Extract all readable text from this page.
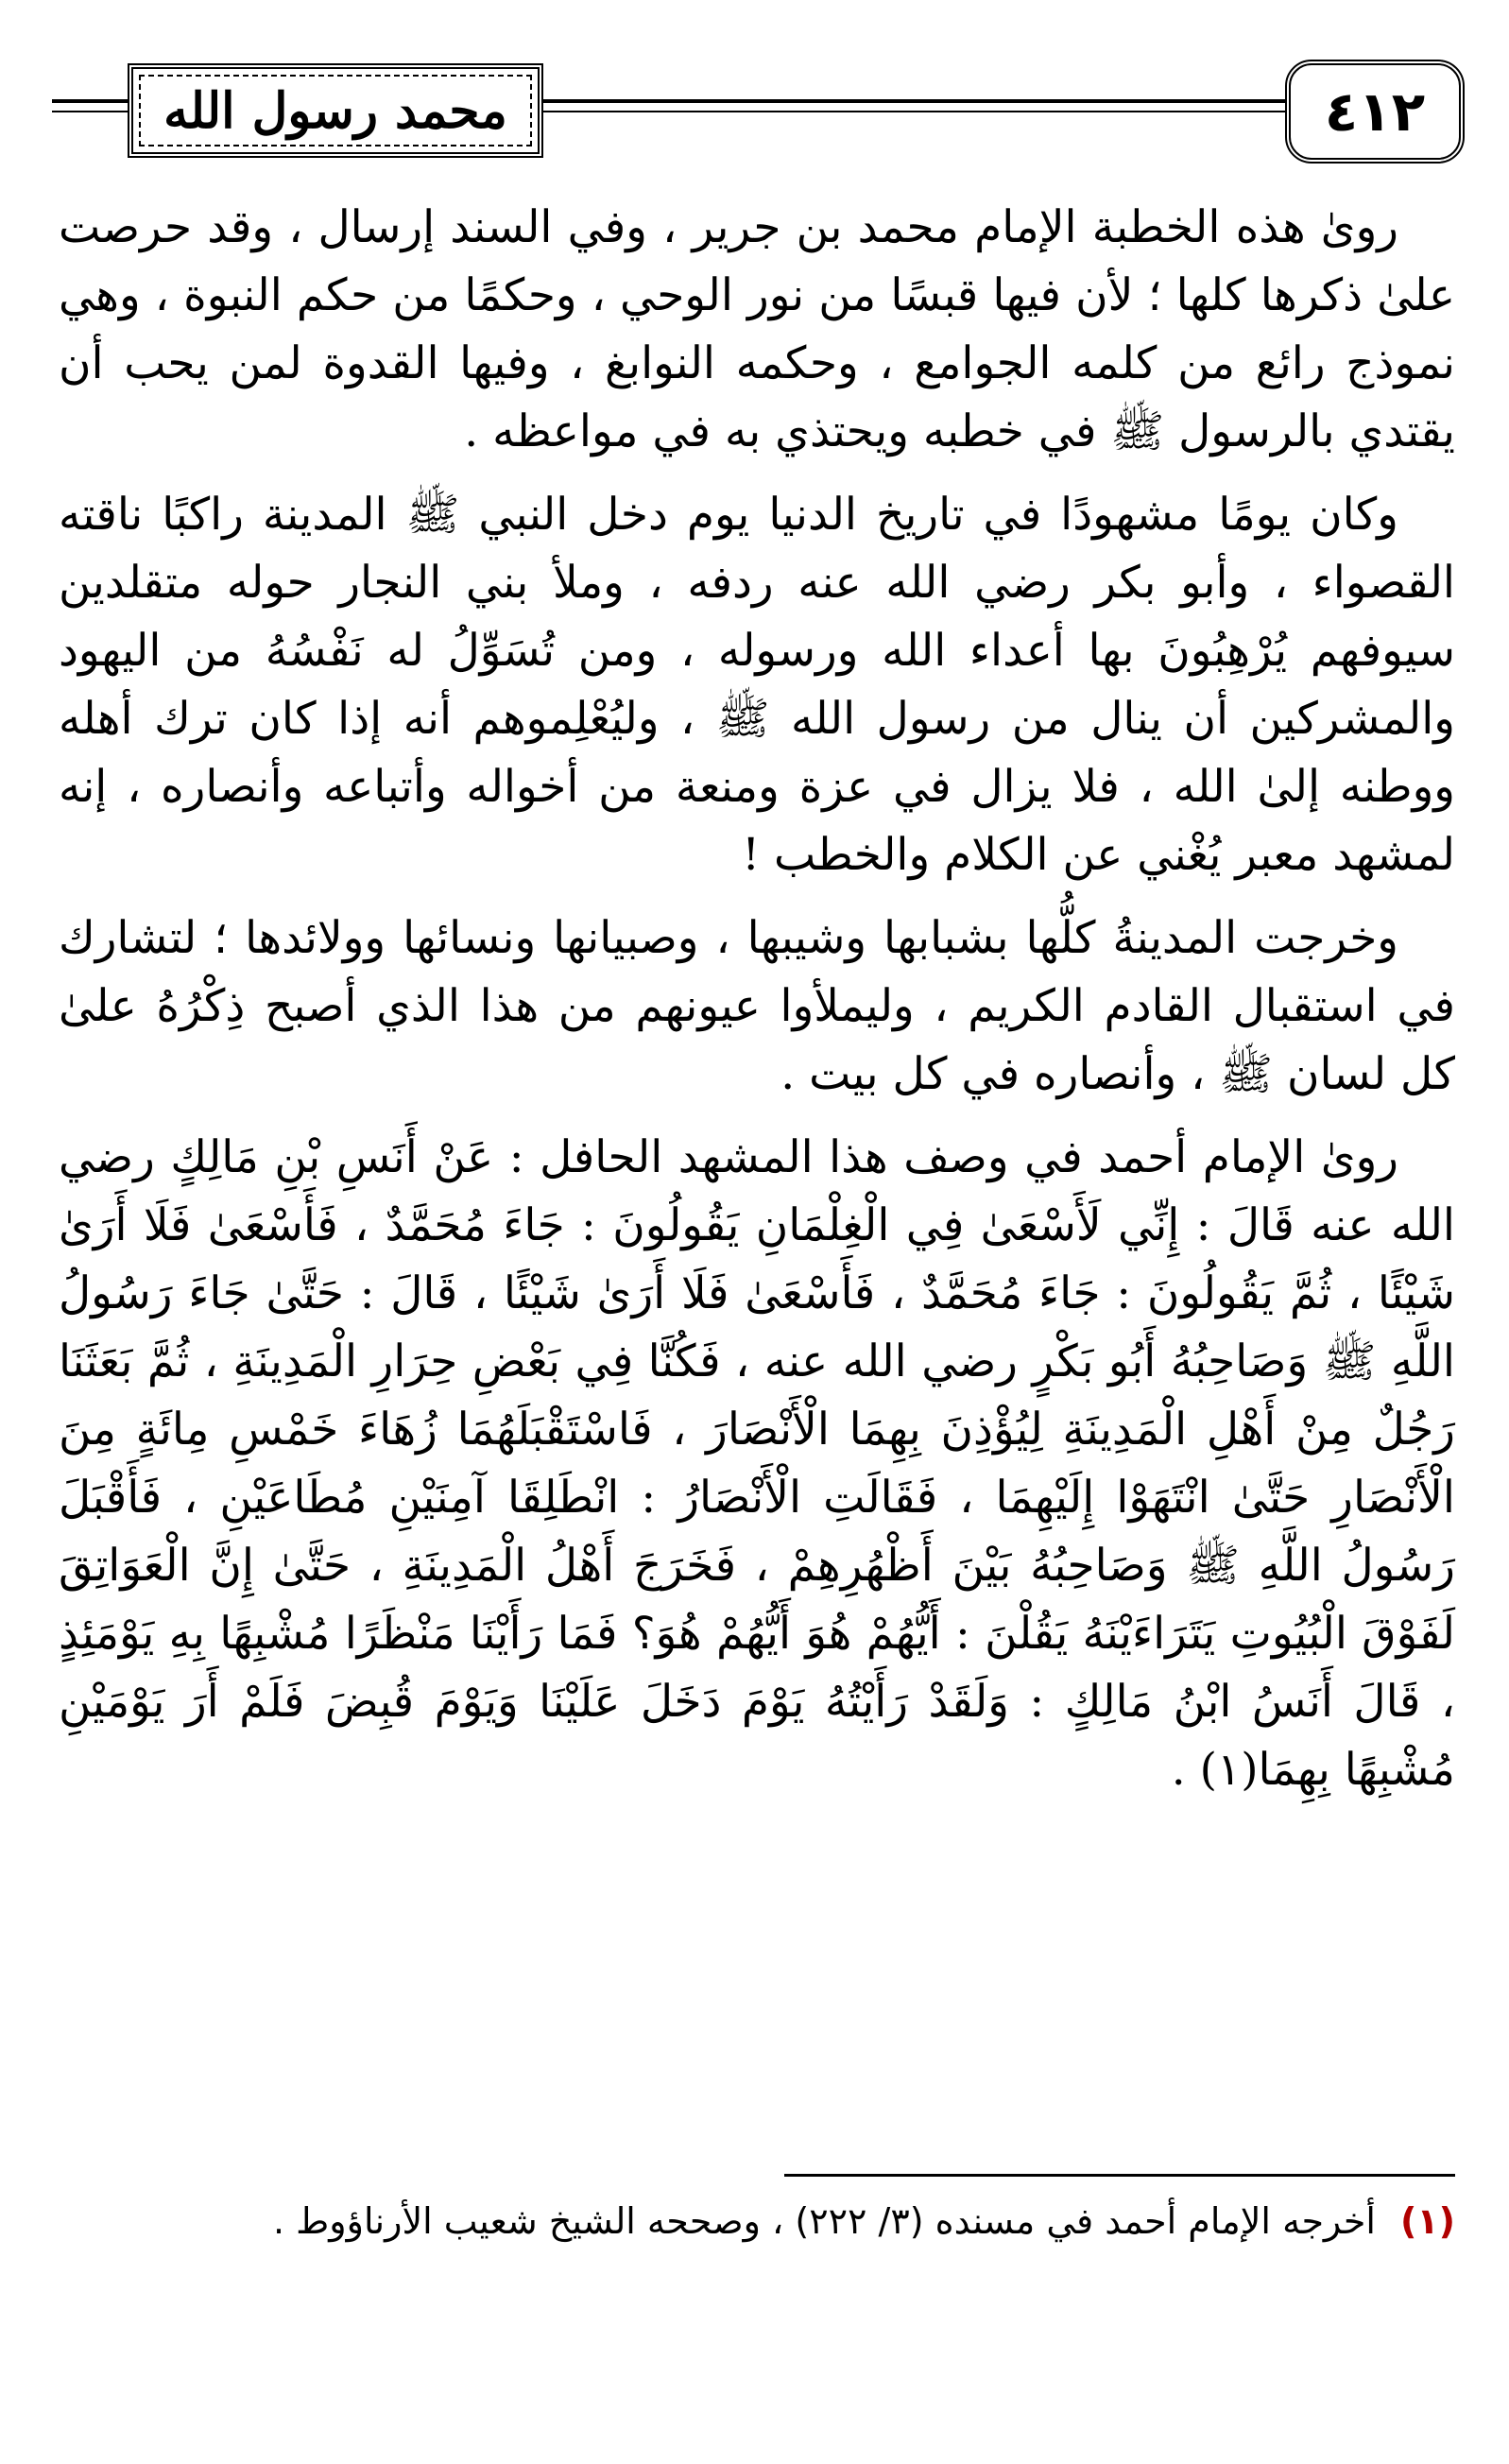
محمد رسول الله	٤١٢

روىٰ هذه الخطبة الإمام محمد بن جرير ، وفي السند إرسال ، وقد حرصت علىٰ ذكرها كلها ؛ لأن فيها قبسًا من نور الوحي ، وحكمًا من حكم النبوة ، وهي نموذج رائع من كلمه الجوامع ، وحكمه النوابغ ، وفيها القدوة لمن يحب أن يقتدي بالرسول ﷺ في خطبه ويحتذي به في مواعظه .

وكان يومًا مشهودًا في تاريخ الدنيا يوم دخل النبي ﷺ المدينة راكبًا ناقته القصواء ، وأبو بكر رضي الله عنه ردفه ، وملأ بني النجار حوله متقلدين سيوفهم يُرْهِبُونَ بها أعداء الله ورسوله ، ومن تُسَوِّلُ له نَفْسُهُ من اليهود والمشركين أن ينال من رسول الله ﷺ ، وليُعْلِموهم أنه إذا كان ترك أهله ووطنه إلىٰ الله ، فلا يزال في عزة ومنعة من أخواله وأتباعه وأنصاره ، إنه لمشهد معبر يُغْني عن الكلام والخطب !

وخرجت المدينةُ كلُّها بشبابها وشيبها ، وصبيانها ونسائها وولائدها ؛ لتشارك في استقبال القادم الكريم ، وليملأوا عيونهم من هذا الذي أصبح ذِكْرُهُ علىٰ كل لسان ﷺ ، وأنصاره في كل بيت .

روىٰ الإمام أحمد في وصف هذا المشهد الحافل : عَنْ أَنَسِ بْنِ مَالِكٍ رضي الله عنه قَالَ : إِنِّي لَأَسْعَىٰ فِي الْغِلْمَانِ يَقُولُونَ : جَاءَ مُحَمَّدٌ ، فَأَسْعَىٰ فَلَا أَرَىٰ شَيْئًا ، ثُمَّ يَقُولُونَ : جَاءَ مُحَمَّدٌ ، فَأَسْعَىٰ فَلَا أَرَىٰ شَيْئًا ، قَالَ : حَتَّىٰ جَاءَ رَسُولُ اللَّهِ ﷺ وَصَاحِبُهُ أَبُو بَكْرٍ رضي الله عنه ، فَكُنَّا فِي بَعْضِ حِرَارِ الْمَدِينَةِ ، ثُمَّ بَعَثَنَا رَجُلٌ مِنْ أَهْلِ الْمَدِينَةِ لِيُؤْذِنَ بِهِمَا الْأَنْصَارَ ، فَاسْتَقْبَلَهُمَا زُهَاءَ خَمْسِ مِائَةٍ مِنَ الْأَنْصَارِ حَتَّىٰ انْتَهَوْا إِلَيْهِمَا ، فَقَالَتِ الْأَنْصَارُ : انْطَلِقَا آمِنَيْنِ مُطَاعَيْنِ ، فَأَقْبَلَ رَسُولُ اللَّهِ ﷺ وَصَاحِبُهُ بَيْنَ أَظْهُرِهِمْ ، فَخَرَجَ أَهْلُ الْمَدِينَةِ ، حَتَّىٰ إِنَّ الْعَوَاتِقَ لَفَوْقَ الْبُيُوتِ يَتَرَاءَيْنَهُ يَقُلْنَ : أَيُّهُمْ هُوَ أَيُّهُمْ هُوَ؟ فَمَا رَأَيْنَا مَنْظَرًا مُشْبِهًا بِهِ يَوْمَئِذٍ ، قَالَ أَنَسُ ابْنُ مَالِكٍ : وَلَقَدْ رَأَيْتُهُ يَوْمَ دَخَلَ عَلَيْنَا وَيَوْمَ قُبِضَ فَلَمْ أَرَ يَوْمَيْنِ مُشْبِهًا بِهِمَا(١) .

(١) أخرجه الإمام أحمد في مسنده (٣/ ٢٢٢) ، وصححه الشيخ شعيب الأرناؤوط .
